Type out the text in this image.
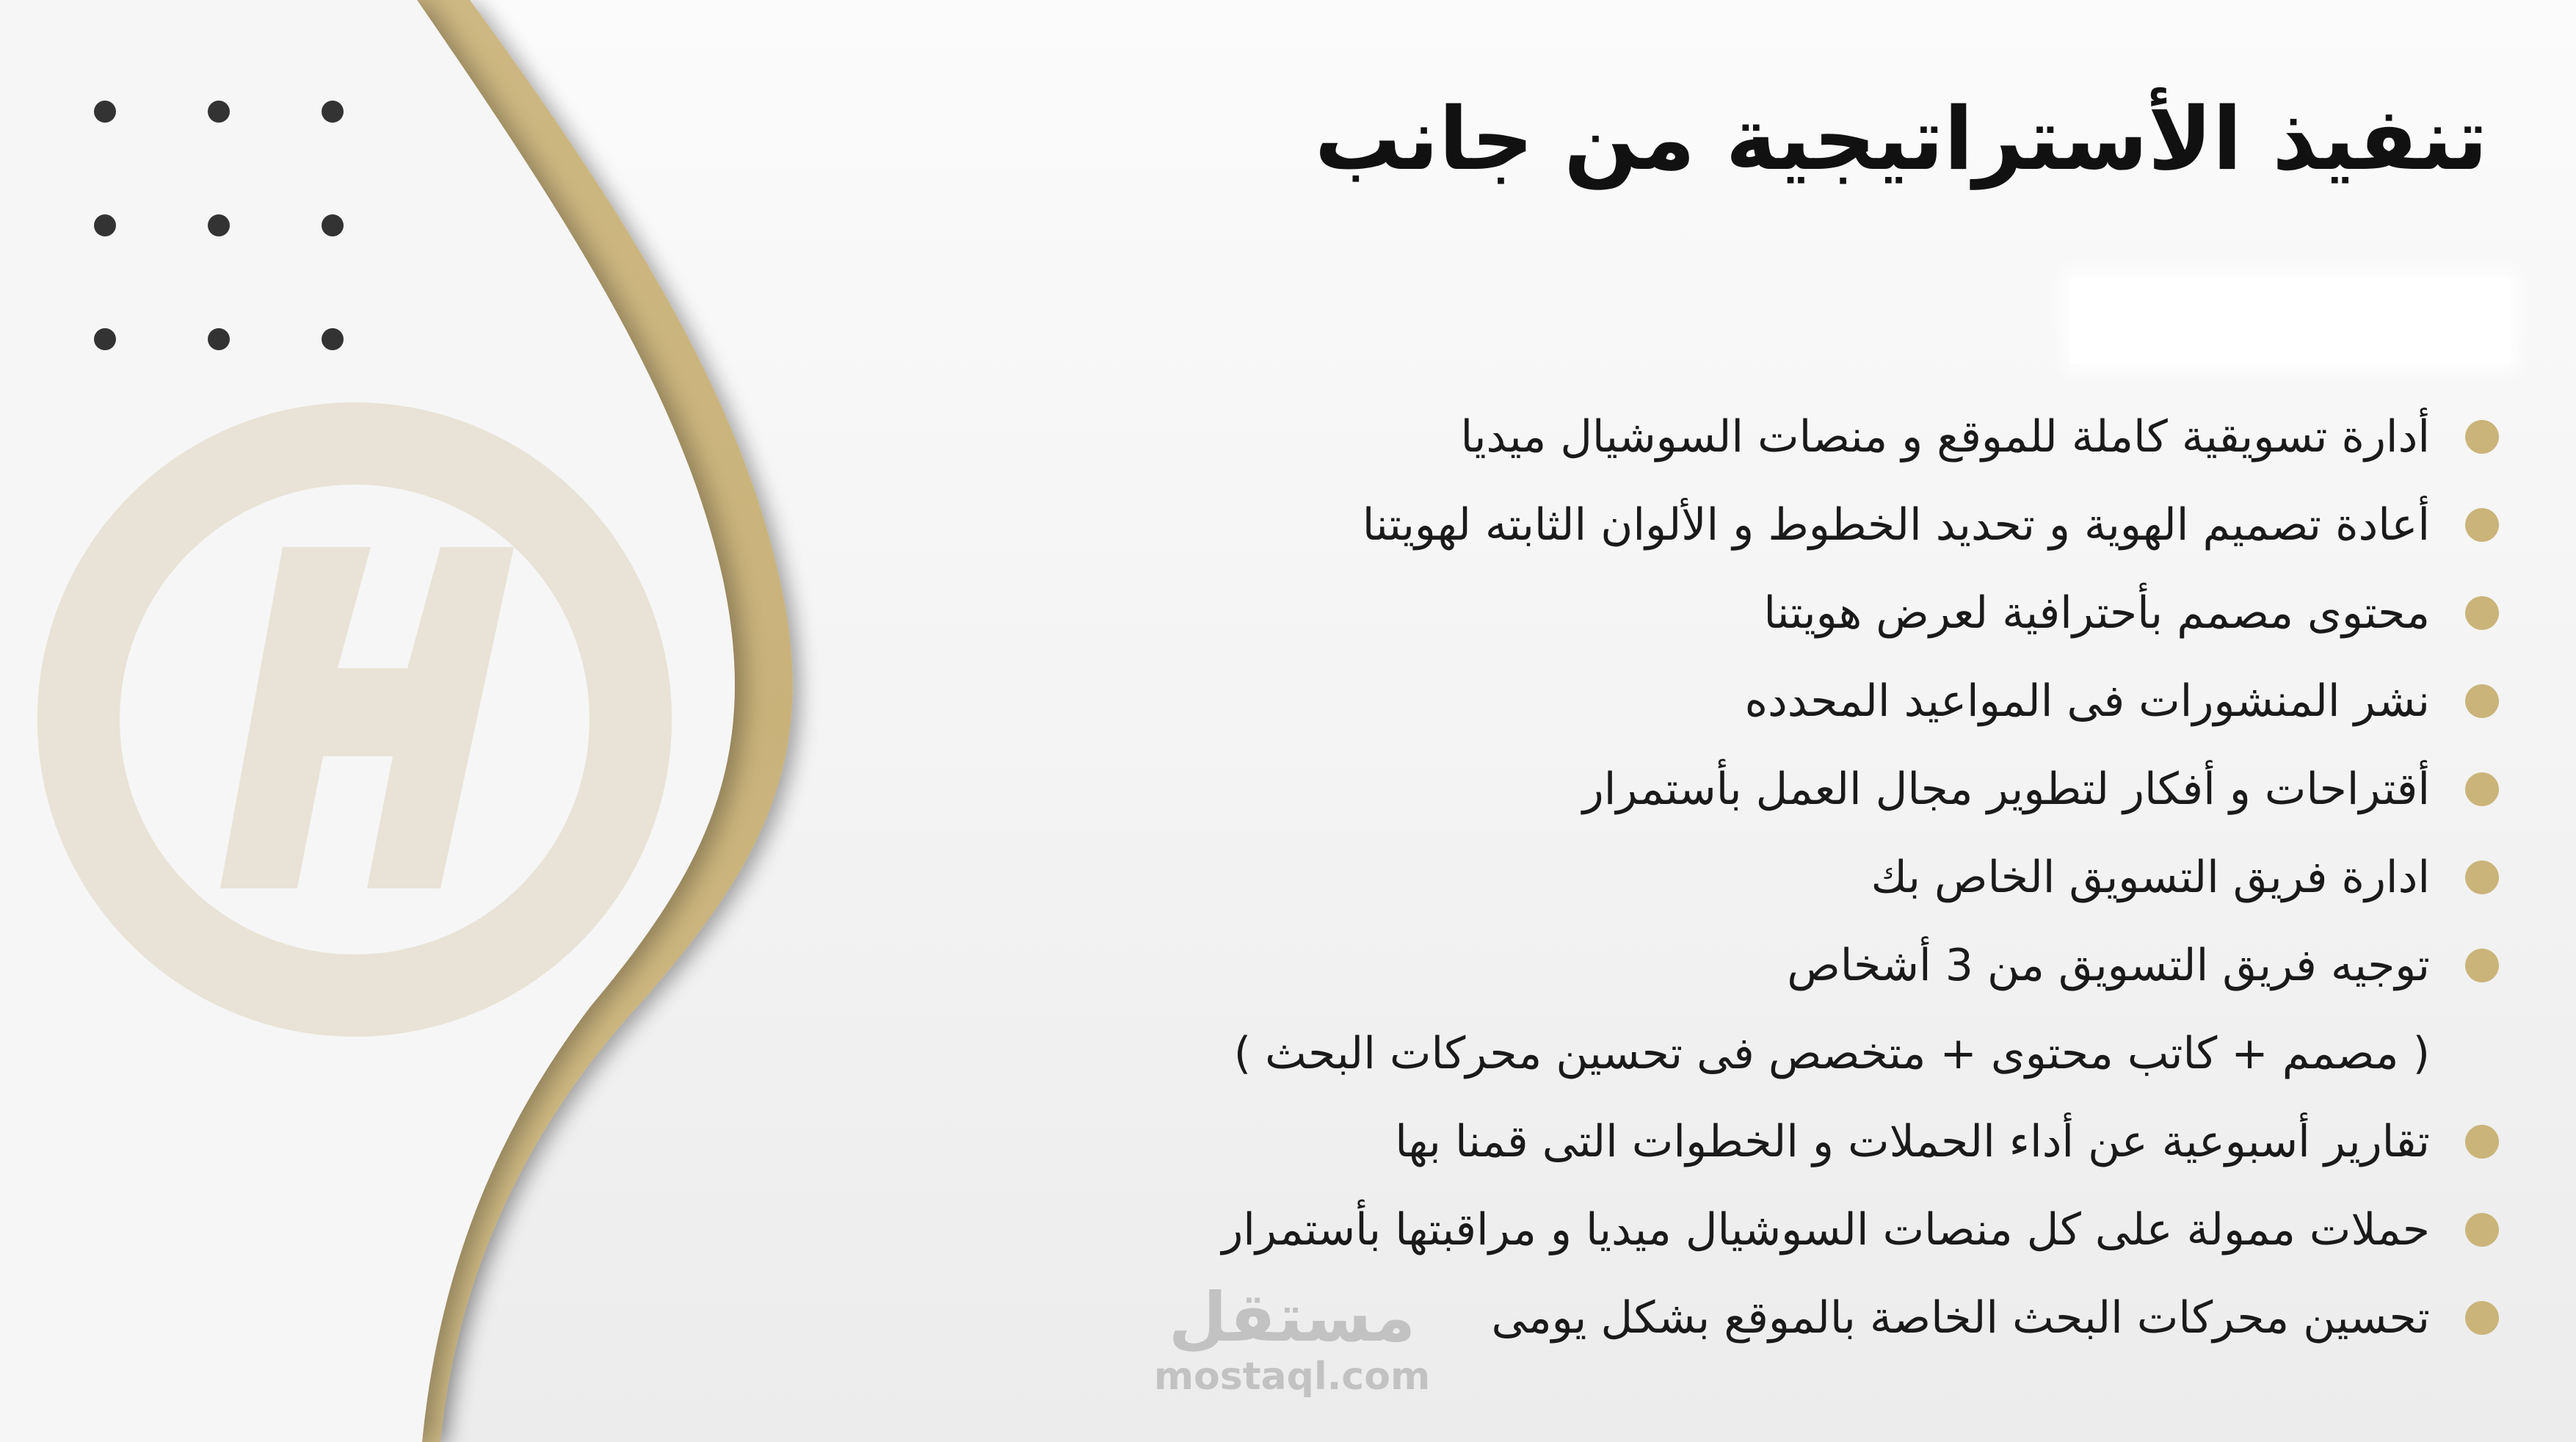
تنفيذ الأستراتيجية من جانب
أدارة تسويقية كاملة للموقع و منصات السوشيال ميديا
أعادة تصميم الهوية و تحديد الخطوط و الألوان الثابته لهويتنا
محتوى مصمم بأحترافية لعرض هويتنا
نشر المنشورات فى المواعيد المحدده
أقتراحات و أفكار لتطوير مجال العمل بأستمرار
ادارة فريق التسويق الخاص بك
توجيه فريق التسويق من 3 أشخاص
( مصمم + كاتب محتوى + متخصص فى تحسين محركات البحث )
تقارير أسبوعية عن أداء الحملات و الخطوات التى قمنا بها
حملات ممولة على كل منصات السوشيال ميديا و مراقبتها بأستمرار
تحسين محركات البحث الخاصة بالموقع بشكل يومى
مستقل
mostaql.com
